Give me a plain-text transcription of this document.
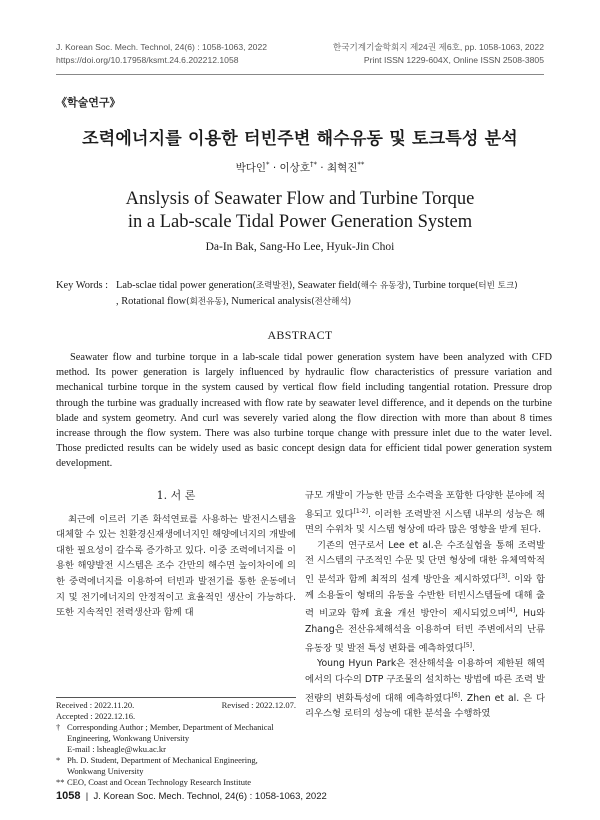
J. Korean Soc. Mech. Technol, 24(6) : 1058-1063, 2022
https://doi.org/10.17958/ksmt.24.6.202212.1058
한국기계기술학회지 제24권 제6호, pp. 1058-1063, 2022
Print ISSN 1229-604X, Online ISSN 2508-3805
《학술연구》
조력에너지를 이용한 터빈주변 해수유동 및 토크특성 분석
박다인* · 이상호†* · 최혁진**
Anslysis of Seawater Flow and Turbine Torque
in a Lab-scale Tidal Power Generation System
Da-In Bak, Sang-Ho Lee, Hyuk-Jin Choi
Key Words : Lab-sclae tidal power generation(조력발전), Seawater field(해수 유동장), Turbine torque(터빈 토크)
, Rotational flow(회전유동), Numerical analysis(전산해석)
ABSTRACT
Seawater flow and turbine torque in a lab-scale tidal power generation system have been analyzed with CFD method. Its power generation is largely influenced by hydraulic flow characteristics of pressure variation and mechanical turbine torque in the system caused by vertical flow field including tangential rotation. Pressure drop through the turbine was gradually increased with flow rate by seawater level difference, and it depends on the turbine blade and system geometry. And curl was severely varied along the flow direction with more than about 8 times increase through the flow system. There was also turbine torque change with pressure inlet due to the water level. Those predicted results can be widely used as basic concept design data for efficient tidal power generation system development.
1. 서 론

최근에 이르러 기존 화석연료를 사용하는 발전시스템을 대체할 수 있는 친환경신재생에너지인 해양에너지의 개발에 대한 필요성이 갈수록 증가하고 있다. 이중 조력에너지를 이용한 해양발전 시스템은 조수 간만의 해수면 높이차이에 의한 중력에너지를 이용하여 터빈과 발전기를 통한 운동에너지 및 전기에너지의 안정적이고 효율적인 생산이 가능하다. 또한 지속적인 전력생산과 함께 대

규모 개발이 가능한 만큼 소수력을 포함한 다양한 분야에 적용되고 있다[1-2]. 이러한 조력발전 시스템 내부의 성능은 해면의 수위차 및 시스템 형상에 따라 많은 영향을 받게 된다.

기존의 연구로서 Lee et al.은 수조실험을 통해 조력발전 시스템의 구조적인 수문 및 단면 형상에 대한 유체역학적인 분석과 함께 최적의 설계 방안을 제시하였다[3]. 이와 함께 소용돌이 형태의 유동을 수반한 터빈시스템들에 대해 출력 비교와 함께 효율 개선 방안이 제시되었으며[4], Hu와 Zhang은 전산유체해석을 이용하여 터빈 주변에서의 난류 유동장 및 발전 특성 변화를 예측하였다[5].

Young Hyun Park은 전산해석을 이용하여 제한된 해역에서의 다수의 DTP 구조물의 설치하는 방법에 따른 조력 발전량의 변화특성에 대해 예측하였다[6]. Zhen et al. 은 다리우스형 로터의 성능에 대한 분석을 수행하였

Received : 2022.11.20.	Revised : 2022.12.07.
Accepted : 2022.12.16.
† Corresponding Author ; Member, Department of Mechanical Engineering, Wonkwang University
E-mail : lsheagle@wku.ac.kr
* Ph. D. Student, Department of Mechanical Engineering, Wonkwang University
** CEO, Coast and Ocean Technology Research Institute
1058  |  J. Korean Soc. Mech. Technol, 24(6) : 1058-1063, 2022
